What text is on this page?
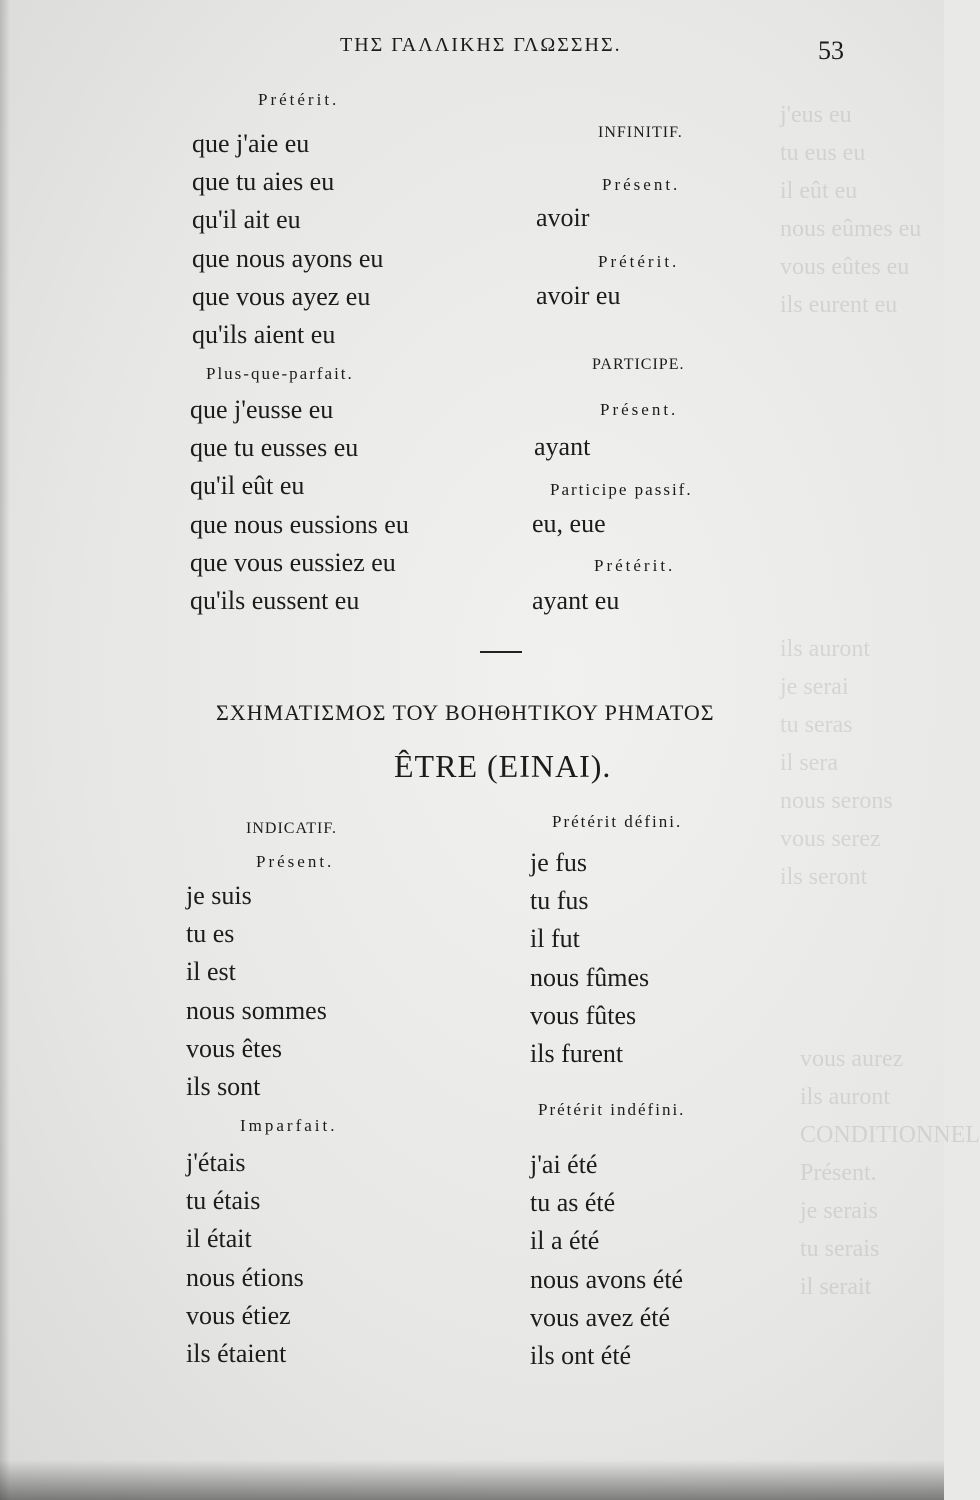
j'eus eu
tu eus eu
il eût eu
nous eûmes eu
vous eûtes eu
ils eurent eu
ils auront
je serai
tu seras
il sera
nous serons
vous serez
ils seront
vous aurez
ils auront
CONDITIONNEL
Présent.
je serais
tu serais
il serait
ΤΗΣ ΓΑΛΛΙΚΗΣ ΓΛΩΣΣΗΣ.	53
Prétérit.
que j'aie eu
que tu aies eu
qu'il ait eu
que nous ayons eu
que vous ayez eu
qu'ils aient eu
Plus-que-parfait.
que j'eusse eu
que tu eusses eu
qu'il eût eu
que nous eussions eu
que vous eussiez eu
qu'ils eussent eu
INFINITIF.
Présent.
avoir
Prétérit.
avoir eu
PARTICIPE.
Présent.
ayant
Participe passif.
eu, eue
Prétérit.
ayant eu
ΣΧΗΜΑΤΙΣΜΟΣ ΤΟΥ ΒΟΗΘΗΤΙΚΟΥ ΡΗΜΑΤΟΣ
ÊTRE (ΕΙΝΑΙ).
INDICATIF.
Présent.
je suis
tu es
il est
nous sommes
vous êtes
ils sont
Imparfait.
j'étais
tu étais
il était
nous étions
vous étiez
ils étaient
Prétérit défini.
je fus
tu fus
il fut
nous fûmes
vous fûtes
ils furent
Prétérit indéfini.
j'ai été
tu as été
il a été
nous avons été
vous avez été
ils ont été
